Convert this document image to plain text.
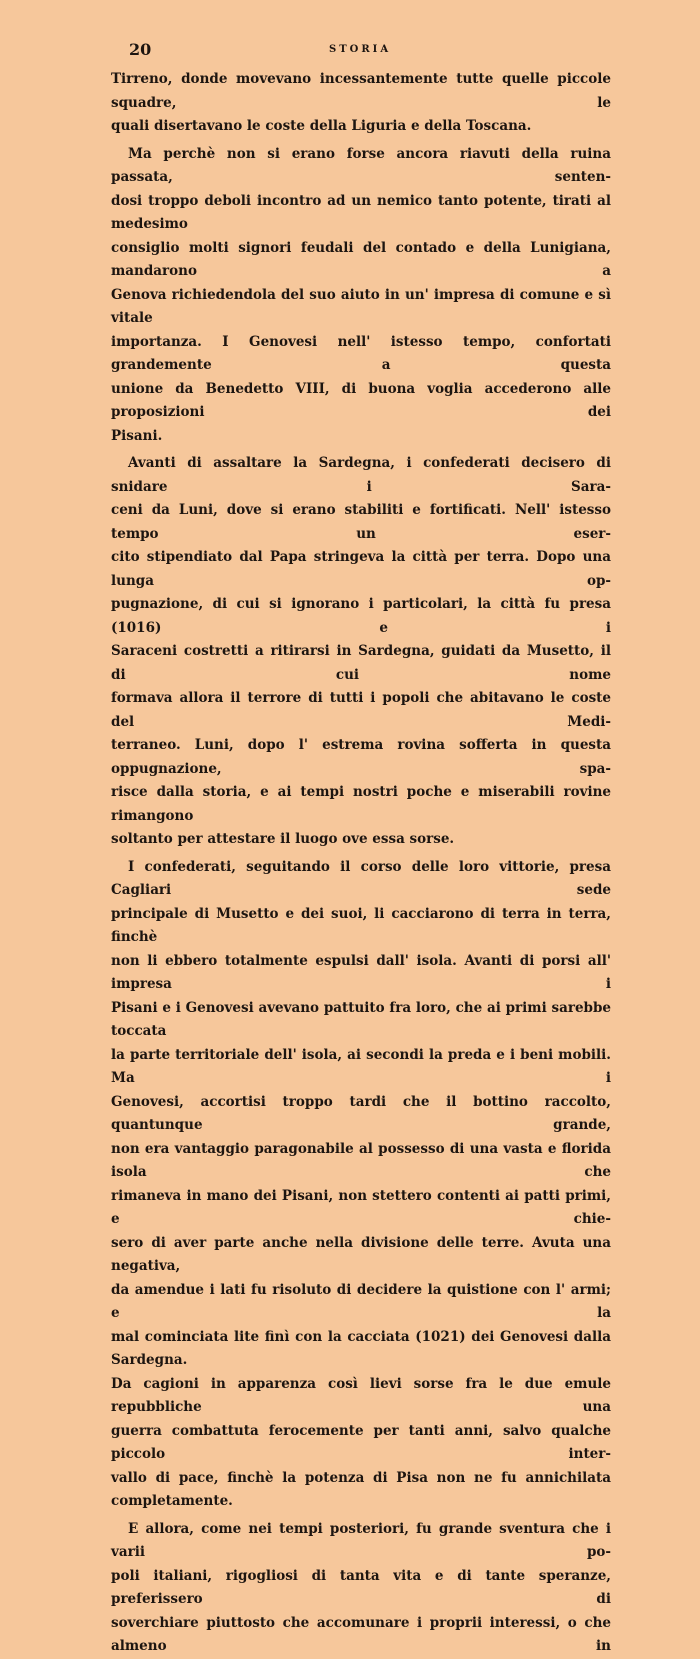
20	STORIA

Tirreno, donde movevano incessantemente tutte quelle piccole squadre, le

quali disertavano le coste della Liguria e della Toscana.

Ma perchè non si erano forse ancora riavuti della ruina passata, senten-

dosi troppo deboli incontro ad un nemico tanto potente, tirati al medesimo

consiglio molti signori feudali del contado e della Lunigiana, mandarono a

Genova richiedendola del suo aiuto in un' impresa di comune e sì vitale

importanza. I Genovesi nell' istesso tempo, confortati grandemente a questa

unione da Benedetto VIII, di buona voglia accederono alle proposizioni dei

Pisani.

Avanti di assaltare la Sardegna, i confederati decisero di snidare i Sara-

ceni da Luni, dove si erano stabiliti e fortificati. Nell' istesso tempo un eser-

cito stipendiato dal Papa stringeva la città per terra. Dopo una lunga op-

pugnazione, di cui si ignorano i particolari, la città fu presa (1016) e i

Saraceni costretti a ritirarsi in Sardegna, guidati da Musetto, il di cui nome

formava allora il terrore di tutti i popoli che abitavano le coste del Medi-

terraneo. Luni, dopo l' estrema rovina sofferta in questa oppugnazione, spa-

risce dalla storia, e ai tempi nostri poche e miserabili rovine rimangono

soltanto per attestare il luogo ove essa sorse.

I confederati, seguitando il corso delle loro vittorie, presa Cagliari sede

principale di Musetto e dei suoi, li cacciarono di terra in terra, finchè

non li ebbero totalmente espulsi dall' isola. Avanti di porsi all' impresa i

Pisani e i Genovesi avevano pattuito fra loro, che ai primi sarebbe toccata

la parte territoriale dell' isola, ai secondi la preda e i beni mobili. Ma i

Genovesi, accortisi troppo tardi che il bottino raccolto, quantunque grande,

non era vantaggio paragonabile al possesso di una vasta e florida isola che

rimaneva in mano dei Pisani, non stettero contenti ai patti primi, e chie-

sero di aver parte anche nella divisione delle terre. Avuta una negativa,

da amendue i lati fu risoluto di decidere la quistione con l' armi; e la

mal cominciata lite finì con la cacciata (1021) dei Genovesi dalla Sardegna.

Da cagioni in apparenza così lievi sorse fra le due emule repubbliche una

guerra combattuta ferocemente per tanti anni, salvo qualche piccolo inter-

vallo di pace, finchè la potenza di Pisa non ne fu annichilata completamente.

E allora, come nei tempi posteriori, fu grande sventura che i varii po-

poli italiani, rigogliosi di tanta vita e di tante speranze, preferissero di

soverchiare piuttosto che accomunare i proprii interessi, o che almeno in
